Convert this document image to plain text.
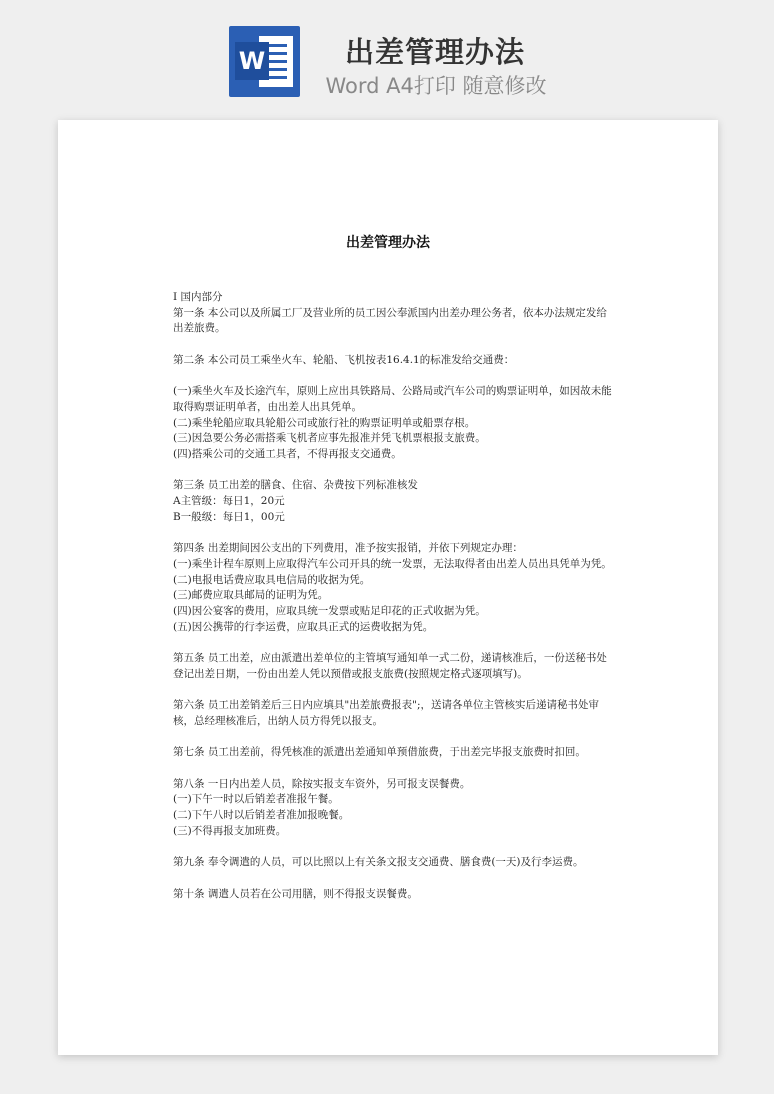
W	出差管理办法
Word A4打印 随意修改
出差管理办法
Ⅰ 国内部分
第一条 本公司以及所属工厂及营业所的员工因公奉派国内出差办理公务者，依本办法规定发给出差旅费。
第二条 本公司员工乘坐火车、轮船、飞机按表16.4.1的标准发给交通费：
(一)乘坐火车及长途汽车，原则上应出具铁路局、公路局或汽车公司的购票证明单，如因故未能取得购票证明单者，由出差人出具凭单。
(二)乘坐轮船应取具轮船公司或旅行社的购票证明单或船票存根。
(三)因急要公务必需搭乘飞机者应事先报准并凭飞机票根报支旅费。
(四)搭乘公司的交通工具者，不得再报支交通费。
第三条 员工出差的膳食、住宿、杂费按下列标准核发
A主管级：每日1，20元
B一般级：每日1，00元
第四条 出差期间因公支出的下列费用，准予按实报销，并依下列规定办理：
(一)乘坐计程车原则上应取得汽车公司开具的统一发票，无法取得者由出差人员出具凭单为凭。
(二)电报电话费应取具电信局的收据为凭。
(三)邮费应取具邮局的证明为凭。
(四)因公宴客的费用，应取具统一发票或贴足印花的正式收据为凭。
(五)因公携带的行李运费，应取具正式的运费收据为凭。
第五条 员工出差，应由派遣出差单位的主管填写通知单一式二份，递请核准后，一份送秘书处登记出差日期，一份由出差人凭以预借或报支旅费(按照规定格式逐项填写)。
第六条 员工出差销差后三日内应填具"出差旅费报表";，送请各单位主管核实后递请秘书处审核，总经理核准后，出纳人员方得凭以报支。
第七条 员工出差前，得凭核准的派遣出差通知单预借旅费，于出差完毕报支旅费时扣回。
第八条 一日内出差人员，除按实报支车资外，另可报支误餐费。
(一)下午一时以后销差者准报午餐。
(二)下午八时以后销差者准加报晚餐。
(三)不得再报支加班费。
第九条 奉令调遣的人员，可以比照以上有关条文报支交通费、膳食费(一天)及行李运费。
第十条 调遣人员若在公司用膳，则不得报支误餐费。
